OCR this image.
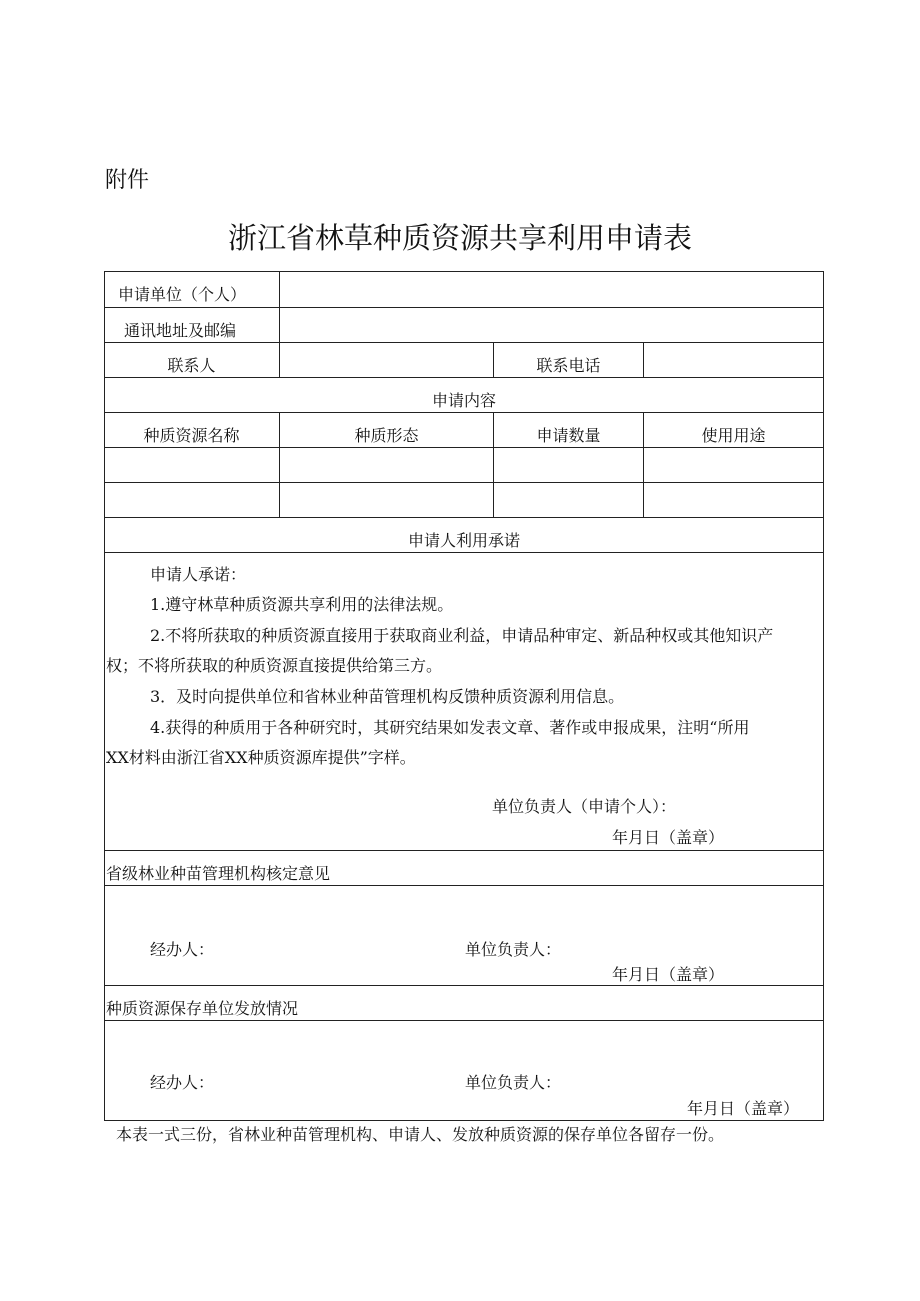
附件
浙江省林草种质资源共享利用申请表
申请单位（个人）
通讯地址及邮编
联系人	联系电话
申请内容
种质资源名称	种质形态	申请数量	使用用途
申请人利用承诺
申请人承诺：
1.遵守林草种质资源共享利用的法律法规。
2.不将所获取的种质资源直接用于获取商业利益，申请品种审定、新品种权或其他知识产
权；不将所获取的种质资源直接提供给第三方。
3．及时向提供单位和省林业种苗管理机构反馈种质资源利用信息。
4.获得的种质用于各种研究时，其研究结果如发表文章、著作或申报成果，注明“所用
XX材料由浙江省XX种质资源库提供”字样。
单位负责人（申请个人）：
年月日（盖章）
省级林业种苗管理机构核定意见
经办人：	单位负责人：
年月日（盖章）
种质资源保存单位发放情况
经办人：	单位负责人：
年月日（盖章）
本表一式三份，省林业种苗管理机构、申请人、发放种质资源的保存单位各留存一份。
